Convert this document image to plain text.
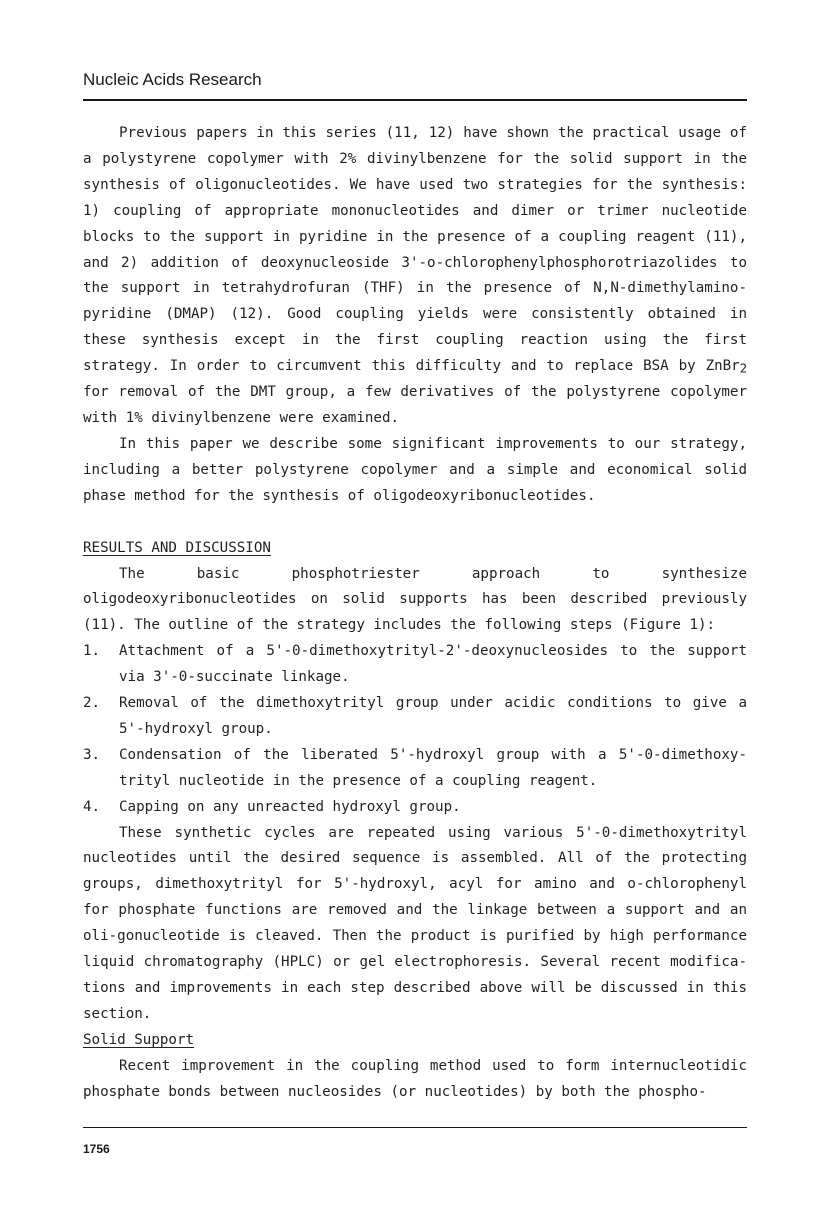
Nucleic Acids Research

Previous papers in this series (11, 12) have shown the practical usage of a polystyrene copolymer with 2% divinylbenzene for the solid support in the synthesis of oligonucleotides. We have used two strategies for the synthesis: 1) coupling of appropriate mononucleotides and dimer or trimer nucleotide blocks to the support in pyridine in the presence of a coupling reagent (11), and 2) addition of deoxynucleoside 3'-o-chlorophenylphosphorotriazolides to the support in tetrahydrofuran (THF) in the presence of N,N-dimethylamino-pyridine (DMAP) (12). Good coupling yields were consistently obtained in these synthesis except in the first coupling reaction using the first strategy. In order to circumvent this difficulty and to replace BSA by ZnBr$_2$ for removal of the DMT group, a few derivatives of the polystyrene copolymer with 1% divinylbenzene were examined.

In this paper we describe some significant improvements to our strategy, including a better polystyrene copolymer and a simple and economical solid phase method for the synthesis of oligodeoxyribonucleotides.

RESULTS AND DISCUSSION

The basic phosphotriester approach to synthesize oligodeoxyribonucleotides on solid supports has been described previously (11). The outline of the strategy includes the following steps (Figure 1):

1. Attachment of a 5'-0-dimethoxytrityl-2'-deoxynucleosides to the support via 3'-0-succinate linkage.
2. Removal of the dimethoxytrityl group under acidic conditions to give a 5'-hydroxyl group.
3. Condensation of the liberated 5'-hydroxyl group with a 5'-0-dimethoxy-trityl nucleotide in the presence of a coupling reagent.
4. Capping on any unreacted hydroxyl group.

These synthetic cycles are repeated using various 5'-0-dimethoxytrityl nucleotides until the desired sequence is assembled. All of the protecting groups, dimethoxytrityl for 5'-hydroxyl, acyl for amino and o-chlorophenyl for phosphate functions are removed and the linkage between a support and an oli-gonucleotide is cleaved. Then the product is purified by high performance liquid chromatography (HPLC) or gel electrophoresis. Several recent modifica-tions and improvements in each step described above will be discussed in this section.

Solid Support

Recent improvement in the coupling method used to form internucleotidic phosphate bonds between nucleosides (or nucleotides) by both the phospho-

1756
